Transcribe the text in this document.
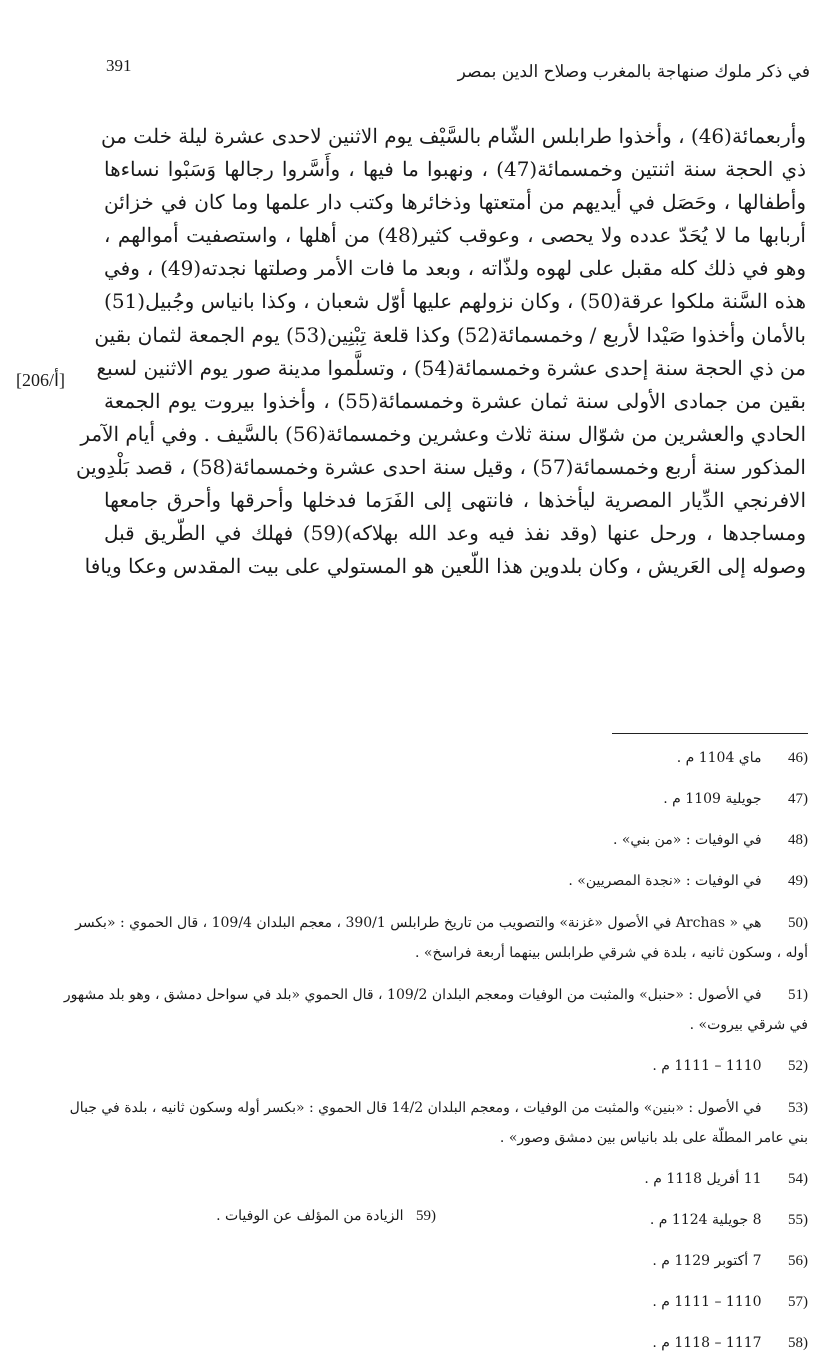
391	في ذكر ملوك صنهاجة بالمغرب وصلاح الدين بمصر
وأربعمائة(46) ، وأخذوا طرابلس الشّام بالسَّيْف يوم الاثنين لاحدى عشرة ليلة خلت من
ذي الحجة سنة اثنتين وخمسمائة(47) ، ونهبوا ما فيها ، وأَسَّروا رجالها وَسَبْوا نساءها
وأطفالها ، وحَصَل في أيديهم من أمتعتها وذخائرها وكتب دار علمها وما كان في خزائن
أربابها ما لا يُحَدّ عدده ولا يحصى ، وعوقب كثير(48) من أهلها ، واستصفيت أموالهم ،
وهو في ذلك كله مقبل على لهوه ولذّاته ، وبعد ما فات الأمر وصلتها نجدته(49) ، وفي
هذه السَّنة ملكوا عرقة(50) ، وكان نزولهم عليها أوّل شعبان ، وكذا بانياس وجُبيل(51)
بالأمان وأخذوا صَيْدا لأربع / وخمسمائة(52) وكذا قلعة تِبْنِين(53) يوم الجمعة لثمان بقين
من ذي الحجة سنة إحدى عشرة وخمسمائة(54) ، وتسلَّموا مدينة صور يوم الاثنين لسبع
بقين من جمادى الأولى سنة ثمان عشرة وخمسمائة(55) ، وأخذوا بيروت يوم الجمعة
الحادي والعشرين من شوّال سنة ثلاث وعشرين وخمسمائة(56) بالسَّيف . وفي أيام الآمر
المذكور سنة أربع وخمسمائة(57) ، وقيل سنة احدى عشرة وخمسمائة(58) ، قصد بَلْدِوين
الافرنجي الدِّيار المصرية ليأخذها ، فانتهى إلى الفَرَما فدخلها وأحرقها وأحرق جامعها
ومساجدها ، ورحل عنها (وقد نفذ فيه وعد الله بهلاكه)(59) فهلك في الطّريق قبل
وصوله إلى العَريش ، وكان بلدوين هذا اللّعين هو المستولي على بيت المقدس وعكا ويافا
[206/أ]
(46 ماي 1104 م .
(47 جويلية 1109 م .
(48 في الوفيات : «من بني» .
(49 في الوفيات : «نجدة المصريين» .
(50 هي « Archas في الأصول «غزنة» والتصويب من تاريخ طرابلس 390/1 ، معجم البلدان 109/4 ، قال الحموي : «بكسر أوله ، وسكون ثانيه ، بلدة في شرقي طرابلس بينهما أربعة فراسخ» .
(51 في الأصول : «حنبل» والمثبت من الوفيات ومعجم البلدان 109/2 ، قال الحموي «بلد في سواحل دمشق ، وهو بلد مشهور في شرقي بيروت» .
(52 1110 – 1111 م .
(53 في الأصول : «بنين» والمثبت من الوفيات ، ومعجم البلدان 14/2 قال الحموي : «بكسر أوله وسكون ثانيه ، بلدة في جبال بني عامر المطلّة على بلد بانياس بين دمشق وصور» .
(54 11 أفريل 1118 م .
(55 8 جويلية 1124 م .
(56 7 أكتوبر 1129 م .
(57 1110 – 1111 م .
(58 1117 – 1118 م .
(59 الزيادة من المؤلف عن الوفيات .
